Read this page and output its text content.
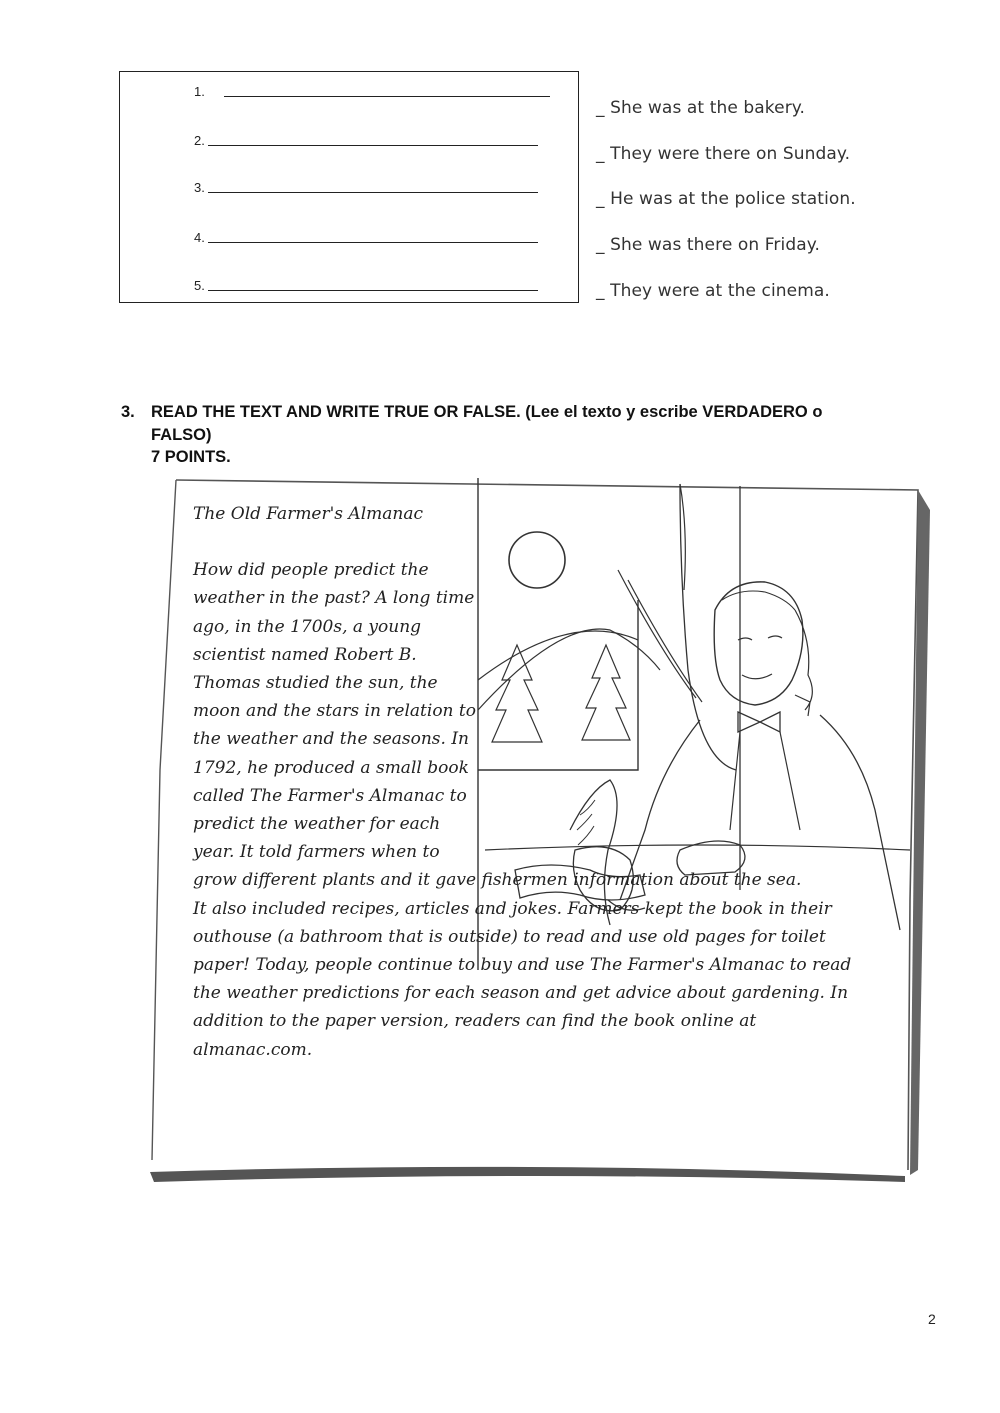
1.
2.
3.
4.
5.
_ She was at the bakery.
_ They were there on Sunday.
_ He was at the police station.
_ She was there on Friday.
_ They were at the cinema.
3. READ THE TEXT AND WRITE TRUE OR FALSE. (Lee el texto y escribe VERDADERO o FALSO)
7 POINTS.

The Old Farmer's Almanac

How did people predict the weather in the past? A long time ago, in the 1700s, a young scientist named Robert B. Thomas studied the sun, the moon and the stars in relation to the weather and the seasons. In 1792, he produced a small book called The Farmer's Almanac to predict the weather for each year. It told farmers when to

grow different plants and it gave fishermen information about the sea.

It also included recipes, articles and jokes. Farmers kept the book in their outhouse (a bathroom that is outside) to read and use old pages for toilet paper! Today, people continue to buy and use The Farmer's Almanac to read the weather predictions for each season and get advice about gardening. In addition to the paper version, readers can find the book online at almanac.com.

2
